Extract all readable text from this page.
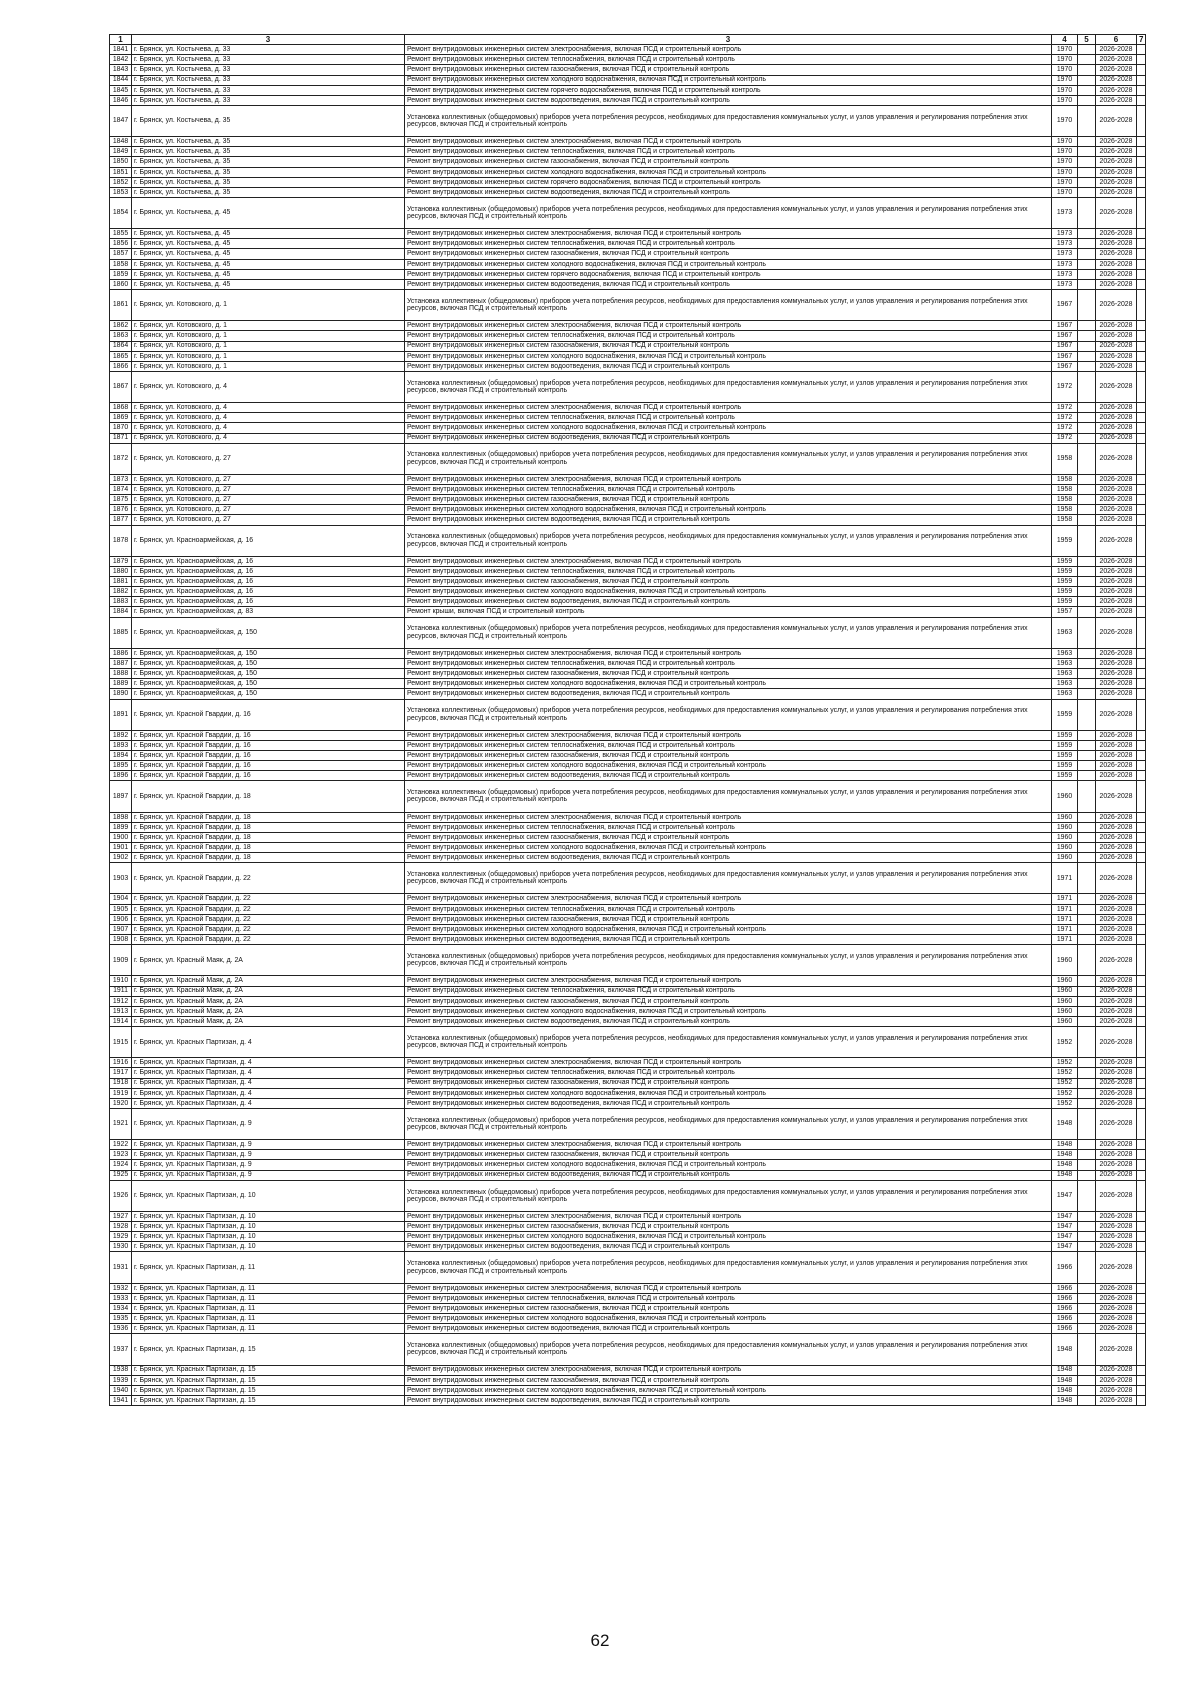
1	3	3	4	5	6	7
1841	г. Брянск, ул. Костычева, д. 33	Ремонт внутридомовых инженерных систем электроснабжения, включая ПСД и строительный контроль	1970		2026-2028	
1842	г. Брянск, ул. Костычева, д. 33	Ремонт внутридомовых инженерных систем теплоснабжения, включая ПСД и строительный контроль	1970		2026-2028	
1843	г. Брянск, ул. Костычева, д. 33	Ремонт внутридомовых инженерных систем газоснабжения, включая ПСД и строительный контроль	1970		2026-2028	
1844	г. Брянск, ул. Костычева, д. 33	Ремонт внутридомовых инженерных систем холодного водоснабжения, включая ПСД и строительный контроль	1970		2026-2028	
1845	г. Брянск, ул. Костычева, д. 33	Ремонт внутридомовых инженерных систем горячего водоснабжения, включая ПСД и строительный контроль	1970		2026-2028	
1846	г. Брянск, ул. Костычева, д. 33	Ремонт внутридомовых инженерных систем водоотведения, включая ПСД и строительный контроль	1970		2026-2028	
1847	г. Брянск, ул. Костычева, д. 35	Установка коллективных (общедомовых) приборов учета потребления ресурсов, необходимых для предоставления коммунальных услуг, и узлов управления и регулирования потребления этих ресурсов, включая ПСД и строительный контроль	1970		2026-2028	
1848	г. Брянск, ул. Костычева, д. 35	Ремонт внутридомовых инженерных систем электроснабжения, включая ПСД и строительный контроль	1970		2026-2028	
1849	г. Брянск, ул. Костычева, д. 35	Ремонт внутридомовых инженерных систем теплоснабжения, включая ПСД и строительный контроль	1970		2026-2028	
1850	г. Брянск, ул. Костычева, д. 35	Ремонт внутридомовых инженерных систем газоснабжения, включая ПСД и строительный контроль	1970		2026-2028	
1851	г. Брянск, ул. Костычева, д. 35	Ремонт внутридомовых инженерных систем холодного водоснабжения, включая ПСД и строительный контроль	1970		2026-2028	
1852	г. Брянск, ул. Костычева, д. 35	Ремонт внутридомовых инженерных систем горячего водоснабжения, включая ПСД и строительный контроль	1970		2026-2028	
1853	г. Брянск, ул. Костычева, д. 35	Ремонт внутридомовых инженерных систем водоотведения, включая ПСД и строительный контроль	1970		2026-2028	
1854	г. Брянск, ул. Костычева, д. 45	Установка коллективных (общедомовых) приборов учета потребления ресурсов, необходимых для предоставления коммунальных услуг, и узлов управления и регулирования потребления этих ресурсов, включая ПСД и строительный контроль	1973		2026-2028	
1855	г. Брянск, ул. Костычева, д. 45	Ремонт внутридомовых инженерных систем электроснабжения, включая ПСД и строительный контроль	1973		2026-2028	
1856	г. Брянск, ул. Костычева, д. 45	Ремонт внутридомовых инженерных систем теплоснабжения, включая ПСД и строительный контроль	1973		2026-2028	
1857	г. Брянск, ул. Костычева, д. 45	Ремонт внутридомовых инженерных систем газоснабжения, включая ПСД и строительный контроль	1973		2026-2028	
1858	г. Брянск, ул. Костычева, д. 45	Ремонт внутридомовых инженерных систем холодного водоснабжения, включая ПСД и строительный контроль	1973		2026-2028	
1859	г. Брянск, ул. Костычева, д. 45	Ремонт внутридомовых инженерных систем горячего водоснабжения, включая ПСД и строительный контроль	1973		2026-2028	
1860	г. Брянск, ул. Костычева, д. 45	Ремонт внутридомовых инженерных систем водоотведения, включая ПСД и строительный контроль	1973		2026-2028	
1861	г. Брянск, ул. Котовского, д. 1	Установка коллективных (общедомовых) приборов учета потребления ресурсов, необходимых для предоставления коммунальных услуг, и узлов управления и регулирования потребления этих ресурсов, включая ПСД и строительный контроль	1967		2026-2028	
1862	г. Брянск, ул. Котовского, д. 1	Ремонт внутридомовых инженерных систем электроснабжения, включая ПСД и строительный контроль	1967		2026-2028	
1863	г. Брянск, ул. Котовского, д. 1	Ремонт внутридомовых инженерных систем теплоснабжения, включая ПСД и строительный контроль	1967		2026-2028	
1864	г. Брянск, ул. Котовского, д. 1	Ремонт внутридомовых инженерных систем газоснабжения, включая ПСД и строительный контроль	1967		2026-2028	
1865	г. Брянск, ул. Котовского, д. 1	Ремонт внутридомовых инженерных систем холодного водоснабжения, включая ПСД и строительный контроль	1967		2026-2028	
1866	г. Брянск, ул. Котовского, д. 1	Ремонт внутридомовых инженерных систем водоотведения, включая ПСД и строительный контроль	1967		2026-2028	
1867	г. Брянск, ул. Котовского, д. 4	Установка коллективных (общедомовых) приборов учета потребления ресурсов, необходимых для предоставления коммунальных услуг, и узлов управления и регулирования потребления этих ресурсов, включая ПСД и строительный контроль	1972		2026-2028	
1868	г. Брянск, ул. Котовского, д. 4	Ремонт внутридомовых инженерных систем электроснабжения, включая ПСД и строительный контроль	1972		2026-2028	
1869	г. Брянск, ул. Котовского, д. 4	Ремонт внутридомовых инженерных систем теплоснабжения, включая ПСД и строительный контроль	1972		2026-2028	
1870	г. Брянск, ул. Котовского, д. 4	Ремонт внутридомовых инженерных систем холодного водоснабжения, включая ПСД и строительный контроль	1972		2026-2028	
1871	г. Брянск, ул. Котовского, д. 4	Ремонт внутридомовых инженерных систем водоотведения, включая ПСД и строительный контроль	1972		2026-2028	
1872	г. Брянск, ул. Котовского, д. 27	Установка коллективных (общедомовых) приборов учета потребления ресурсов, необходимых для предоставления коммунальных услуг, и узлов управления и регулирования потребления этих ресурсов, включая ПСД и строительный контроль	1958		2026-2028	
1873	г. Брянск, ул. Котовского, д. 27	Ремонт внутридомовых инженерных систем электроснабжения, включая ПСД и строительный контроль	1958		2026-2028	
1874	г. Брянск, ул. Котовского, д. 27	Ремонт внутридомовых инженерных систем теплоснабжения, включая ПСД и строительный контроль	1958		2026-2028	
1875	г. Брянск, ул. Котовского, д. 27	Ремонт внутридомовых инженерных систем газоснабжения, включая ПСД и строительный контроль	1958		2026-2028	
1876	г. Брянск, ул. Котовского, д. 27	Ремонт внутридомовых инженерных систем холодного водоснабжения, включая ПСД и строительный контроль	1958		2026-2028	
1877	г. Брянск, ул. Котовского, д. 27	Ремонт внутридомовых инженерных систем водоотведения, включая ПСД и строительный контроль	1958		2026-2028	
1878	г. Брянск, ул. Красноармейская, д. 16	Установка коллективных (общедомовых) приборов учета потребления ресурсов, необходимых для предоставления коммунальных услуг, и узлов управления и регулирования потребления этих ресурсов, включая ПСД и строительный контроль	1959		2026-2028	
1879	г. Брянск, ул. Красноармейская, д. 16	Ремонт внутридомовых инженерных систем электроснабжения, включая ПСД и строительный контроль	1959		2026-2028	
1880	г. Брянск, ул. Красноармейская, д. 16	Ремонт внутридомовых инженерных систем теплоснабжения, включая ПСД и строительный контроль	1959		2026-2028	
1881	г. Брянск, ул. Красноармейская, д. 16	Ремонт внутридомовых инженерных систем газоснабжения, включая ПСД и строительный контроль	1959		2026-2028	
1882	г. Брянск, ул. Красноармейская, д. 16	Ремонт внутридомовых инженерных систем холодного водоснабжения, включая ПСД и строительный контроль	1959		2026-2028	
1883	г. Брянск, ул. Красноармейская, д. 16	Ремонт внутридомовых инженерных систем водоотведения, включая ПСД и строительный контроль	1959		2026-2028	
1884	г. Брянск, ул. Красноармейская, д. 83	Ремонт крыши, включая ПСД и строительный контроль	1957		2026-2028	
1885	г. Брянск, ул. Красноармейская, д. 150	Установка коллективных (общедомовых) приборов учета потребления ресурсов, необходимых для предоставления коммунальных услуг, и узлов управления и регулирования потребления этих ресурсов, включая ПСД и строительный контроль	1963		2026-2028	
1886	г. Брянск, ул. Красноармейская, д. 150	Ремонт внутридомовых инженерных систем электроснабжения, включая ПСД и строительный контроль	1963		2026-2028	
1887	г. Брянск, ул. Красноармейская, д. 150	Ремонт внутридомовых инженерных систем теплоснабжения, включая ПСД и строительный контроль	1963		2026-2028	
1888	г. Брянск, ул. Красноармейская, д. 150	Ремонт внутридомовых инженерных систем газоснабжения, включая ПСД и строительный контроль	1963		2026-2028	
1889	г. Брянск, ул. Красноармейская, д. 150	Ремонт внутридомовых инженерных систем холодного водоснабжения, включая ПСД и строительный контроль	1963		2026-2028	
1890	г. Брянск, ул. Красноармейская, д. 150	Ремонт внутридомовых инженерных систем водоотведения, включая ПСД и строительный контроль	1963		2026-2028	
1891	г. Брянск, ул. Красной Гвардии, д. 16	Установка коллективных (общедомовых) приборов учета потребления ресурсов, необходимых для предоставления коммунальных услуг, и узлов управления и регулирования потребления этих ресурсов, включая ПСД и строительный контроль	1959		2026-2028	
1892	г. Брянск, ул. Красной Гвардии, д. 16	Ремонт внутридомовых инженерных систем электроснабжения, включая ПСД и строительный контроль	1959		2026-2028	
1893	г. Брянск, ул. Красной Гвардии, д. 16	Ремонт внутридомовых инженерных систем теплоснабжения, включая ПСД и строительный контроль	1959		2026-2028	
1894	г. Брянск, ул. Красной Гвардии, д. 16	Ремонт внутридомовых инженерных систем газоснабжения, включая ПСД и строительный контроль	1959		2026-2028	
1895	г. Брянск, ул. Красной Гвардии, д. 16	Ремонт внутридомовых инженерных систем холодного водоснабжения, включая ПСД и строительный контроль	1959		2026-2028	
1896	г. Брянск, ул. Красной Гвардии, д. 16	Ремонт внутридомовых инженерных систем водоотведения, включая ПСД и строительный контроль	1959		2026-2028	
1897	г. Брянск, ул. Красной Гвардии, д. 18	Установка коллективных (общедомовых) приборов учета потребления ресурсов, необходимых для предоставления коммунальных услуг, и узлов управления и регулирования потребления этих ресурсов, включая ПСД и строительный контроль	1960		2026-2028	
1898	г. Брянск, ул. Красной Гвардии, д. 18	Ремонт внутридомовых инженерных систем электроснабжения, включая ПСД и строительный контроль	1960		2026-2028	
1899	г. Брянск, ул. Красной Гвардии, д. 18	Ремонт внутридомовых инженерных систем теплоснабжения, включая ПСД и строительный контроль	1960		2026-2028	
1900	г. Брянск, ул. Красной Гвардии, д. 18	Ремонт внутридомовых инженерных систем газоснабжения, включая ПСД и строительный контроль	1960		2026-2028	
1901	г. Брянск, ул. Красной Гвардии, д. 18	Ремонт внутридомовых инженерных систем холодного водоснабжения, включая ПСД и строительный контроль	1960		2026-2028	
1902	г. Брянск, ул. Красной Гвардии, д. 18	Ремонт внутридомовых инженерных систем водоотведения, включая ПСД и строительный контроль	1960		2026-2028	
1903	г. Брянск, ул. Красной Гвардии, д. 22	Установка коллективных (общедомовых) приборов учета потребления ресурсов, необходимых для предоставления коммунальных услуг, и узлов управления и регулирования потребления этих ресурсов, включая ПСД и строительный контроль	1971		2026-2028	
1904	г. Брянск, ул. Красной Гвардии, д. 22	Ремонт внутридомовых инженерных систем электроснабжения, включая ПСД и строительный контроль	1971		2026-2028	
1905	г. Брянск, ул. Красной Гвардии, д. 22	Ремонт внутридомовых инженерных систем теплоснабжения, включая ПСД и строительный контроль	1971		2026-2028	
1906	г. Брянск, ул. Красной Гвардии, д. 22	Ремонт внутридомовых инженерных систем газоснабжения, включая ПСД и строительный контроль	1971		2026-2028	
1907	г. Брянск, ул. Красной Гвардии, д. 22	Ремонт внутридомовых инженерных систем холодного водоснабжения, включая ПСД и строительный контроль	1971		2026-2028	
1908	г. Брянск, ул. Красной Гвардии, д. 22	Ремонт внутридомовых инженерных систем водоотведения, включая ПСД и строительный контроль	1971		2026-2028	
1909	г. Брянск, ул. Красный Маяк, д. 2А	Установка коллективных (общедомовых) приборов учета потребления ресурсов, необходимых для предоставления коммунальных услуг, и узлов управления и регулирования потребления этих ресурсов, включая ПСД и строительный контроль	1960		2026-2028	
1910	г. Брянск, ул. Красный Маяк, д. 2А	Ремонт внутридомовых инженерных систем электроснабжения, включая ПСД и строительный контроль	1960		2026-2028	
1911	г. Брянск, ул. Красный Маяк, д. 2А	Ремонт внутридомовых инженерных систем теплоснабжения, включая ПСД и строительный контроль	1960		2026-2028	
1912	г. Брянск, ул. Красный Маяк, д. 2А	Ремонт внутридомовых инженерных систем газоснабжения, включая ПСД и строительный контроль	1960		2026-2028	
1913	г. Брянск, ул. Красный Маяк, д. 2А	Ремонт внутридомовых инженерных систем холодного водоснабжения, включая ПСД и строительный контроль	1960		2026-2028	
1914	г. Брянск, ул. Красный Маяк, д. 2А	Ремонт внутридомовых инженерных систем водоотведения, включая ПСД и строительный контроль	1960		2026-2028	
1915	г. Брянск, ул. Красных Партизан, д. 4	Установка коллективных (общедомовых) приборов учета потребления ресурсов, необходимых для предоставления коммунальных услуг, и узлов управления и регулирования потребления этих ресурсов, включая ПСД и строительный контроль	1952		2026-2028	
1916	г. Брянск, ул. Красных Партизан, д. 4	Ремонт внутридомовых инженерных систем электроснабжения, включая ПСД и строительный контроль	1952		2026-2028	
1917	г. Брянск, ул. Красных Партизан, д. 4	Ремонт внутридомовых инженерных систем теплоснабжения, включая ПСД и строительный контроль	1952		2026-2028	
1918	г. Брянск, ул. Красных Партизан, д. 4	Ремонт внутридомовых инженерных систем газоснабжения, включая ПСД и строительный контроль	1952		2026-2028	
1919	г. Брянск, ул. Красных Партизан, д. 4	Ремонт внутридомовых инженерных систем холодного водоснабжения, включая ПСД и строительный контроль	1952		2026-2028	
1920	г. Брянск, ул. Красных Партизан, д. 4	Ремонт внутридомовых инженерных систем водоотведения, включая ПСД и строительный контроль	1952		2026-2028	
1921	г. Брянск, ул. Красных Партизан, д. 9	Установка коллективных (общедомовых) приборов учета потребления ресурсов, необходимых для предоставления коммунальных услуг, и узлов управления и регулирования потребления этих ресурсов, включая ПСД и строительный контроль	1948		2026-2028	
1922	г. Брянск, ул. Красных Партизан, д. 9	Ремонт внутридомовых инженерных систем электроснабжения, включая ПСД и строительный контроль	1948		2026-2028	
1923	г. Брянск, ул. Красных Партизан, д. 9	Ремонт внутридомовых инженерных систем газоснабжения, включая ПСД и строительный контроль	1948		2026-2028	
1924	г. Брянск, ул. Красных Партизан, д. 9	Ремонт внутридомовых инженерных систем холодного водоснабжения, включая ПСД и строительный контроль	1948		2026-2028	
1925	г. Брянск, ул. Красных Партизан, д. 9	Ремонт внутридомовых инженерных систем водоотведения, включая ПСД и строительный контроль	1948		2026-2028	
1926	г. Брянск, ул. Красных Партизан, д. 10	Установка коллективных (общедомовых) приборов учета потребления ресурсов, необходимых для предоставления коммунальных услуг, и узлов управления и регулирования потребления этих ресурсов, включая ПСД и строительный контроль	1947		2026-2028	
1927	г. Брянск, ул. Красных Партизан, д. 10	Ремонт внутридомовых инженерных систем электроснабжения, включая ПСД и строительный контроль	1947		2026-2028	
1928	г. Брянск, ул. Красных Партизан, д. 10	Ремонт внутридомовых инженерных систем газоснабжения, включая ПСД и строительный контроль	1947		2026-2028	
1929	г. Брянск, ул. Красных Партизан, д. 10	Ремонт внутридомовых инженерных систем холодного водоснабжения, включая ПСД и строительный контроль	1947		2026-2028	
1930	г. Брянск, ул. Красных Партизан, д. 10	Ремонт внутридомовых инженерных систем водоотведения, включая ПСД и строительный контроль	1947		2026-2028	
1931	г. Брянск, ул. Красных Партизан, д. 11	Установка коллективных (общедомовых) приборов учета потребления ресурсов, необходимых для предоставления коммунальных услуг, и узлов управления и регулирования потребления этих ресурсов, включая ПСД и строительный контроль	1966		2026-2028	
1932	г. Брянск, ул. Красных Партизан, д. 11	Ремонт внутридомовых инженерных систем электроснабжения, включая ПСД и строительный контроль	1966		2026-2028	
1933	г. Брянск, ул. Красных Партизан, д. 11	Ремонт внутридомовых инженерных систем теплоснабжения, включая ПСД и строительный контроль	1966		2026-2028	
1934	г. Брянск, ул. Красных Партизан, д. 11	Ремонт внутридомовых инженерных систем газоснабжения, включая ПСД и строительный контроль	1966		2026-2028	
1935	г. Брянск, ул. Красных Партизан, д. 11	Ремонт внутридомовых инженерных систем холодного водоснабжения, включая ПСД и строительный контроль	1966		2026-2028	
1936	г. Брянск, ул. Красных Партизан, д. 11	Ремонт внутридомовых инженерных систем водоотведения, включая ПСД и строительный контроль	1966		2026-2028	
1937	г. Брянск, ул. Красных Партизан, д. 15	Установка коллективных (общедомовых) приборов учета потребления ресурсов, необходимых для предоставления коммунальных услуг, и узлов управления и регулирования потребления этих ресурсов, включая ПСД и строительный контроль	1948		2026-2028	
1938	г. Брянск, ул. Красных Партизан, д. 15	Ремонт внутридомовых инженерных систем электроснабжения, включая ПСД и строительный контроль	1948		2026-2028	
1939	г. Брянск, ул. Красных Партизан, д. 15	Ремонт внутридомовых инженерных систем газоснабжения, включая ПСД и строительный контроль	1948		2026-2028	
1940	г. Брянск, ул. Красных Партизан, д. 15	Ремонт внутридомовых инженерных систем холодного водоснабжения, включая ПСД и строительный контроль	1948		2026-2028	
1941	г. Брянск, ул. Красных Партизан, д. 15	Ремонт внутридомовых инженерных систем водоотведения, включая ПСД и строительный контроль	1948		2026-2028	
62
